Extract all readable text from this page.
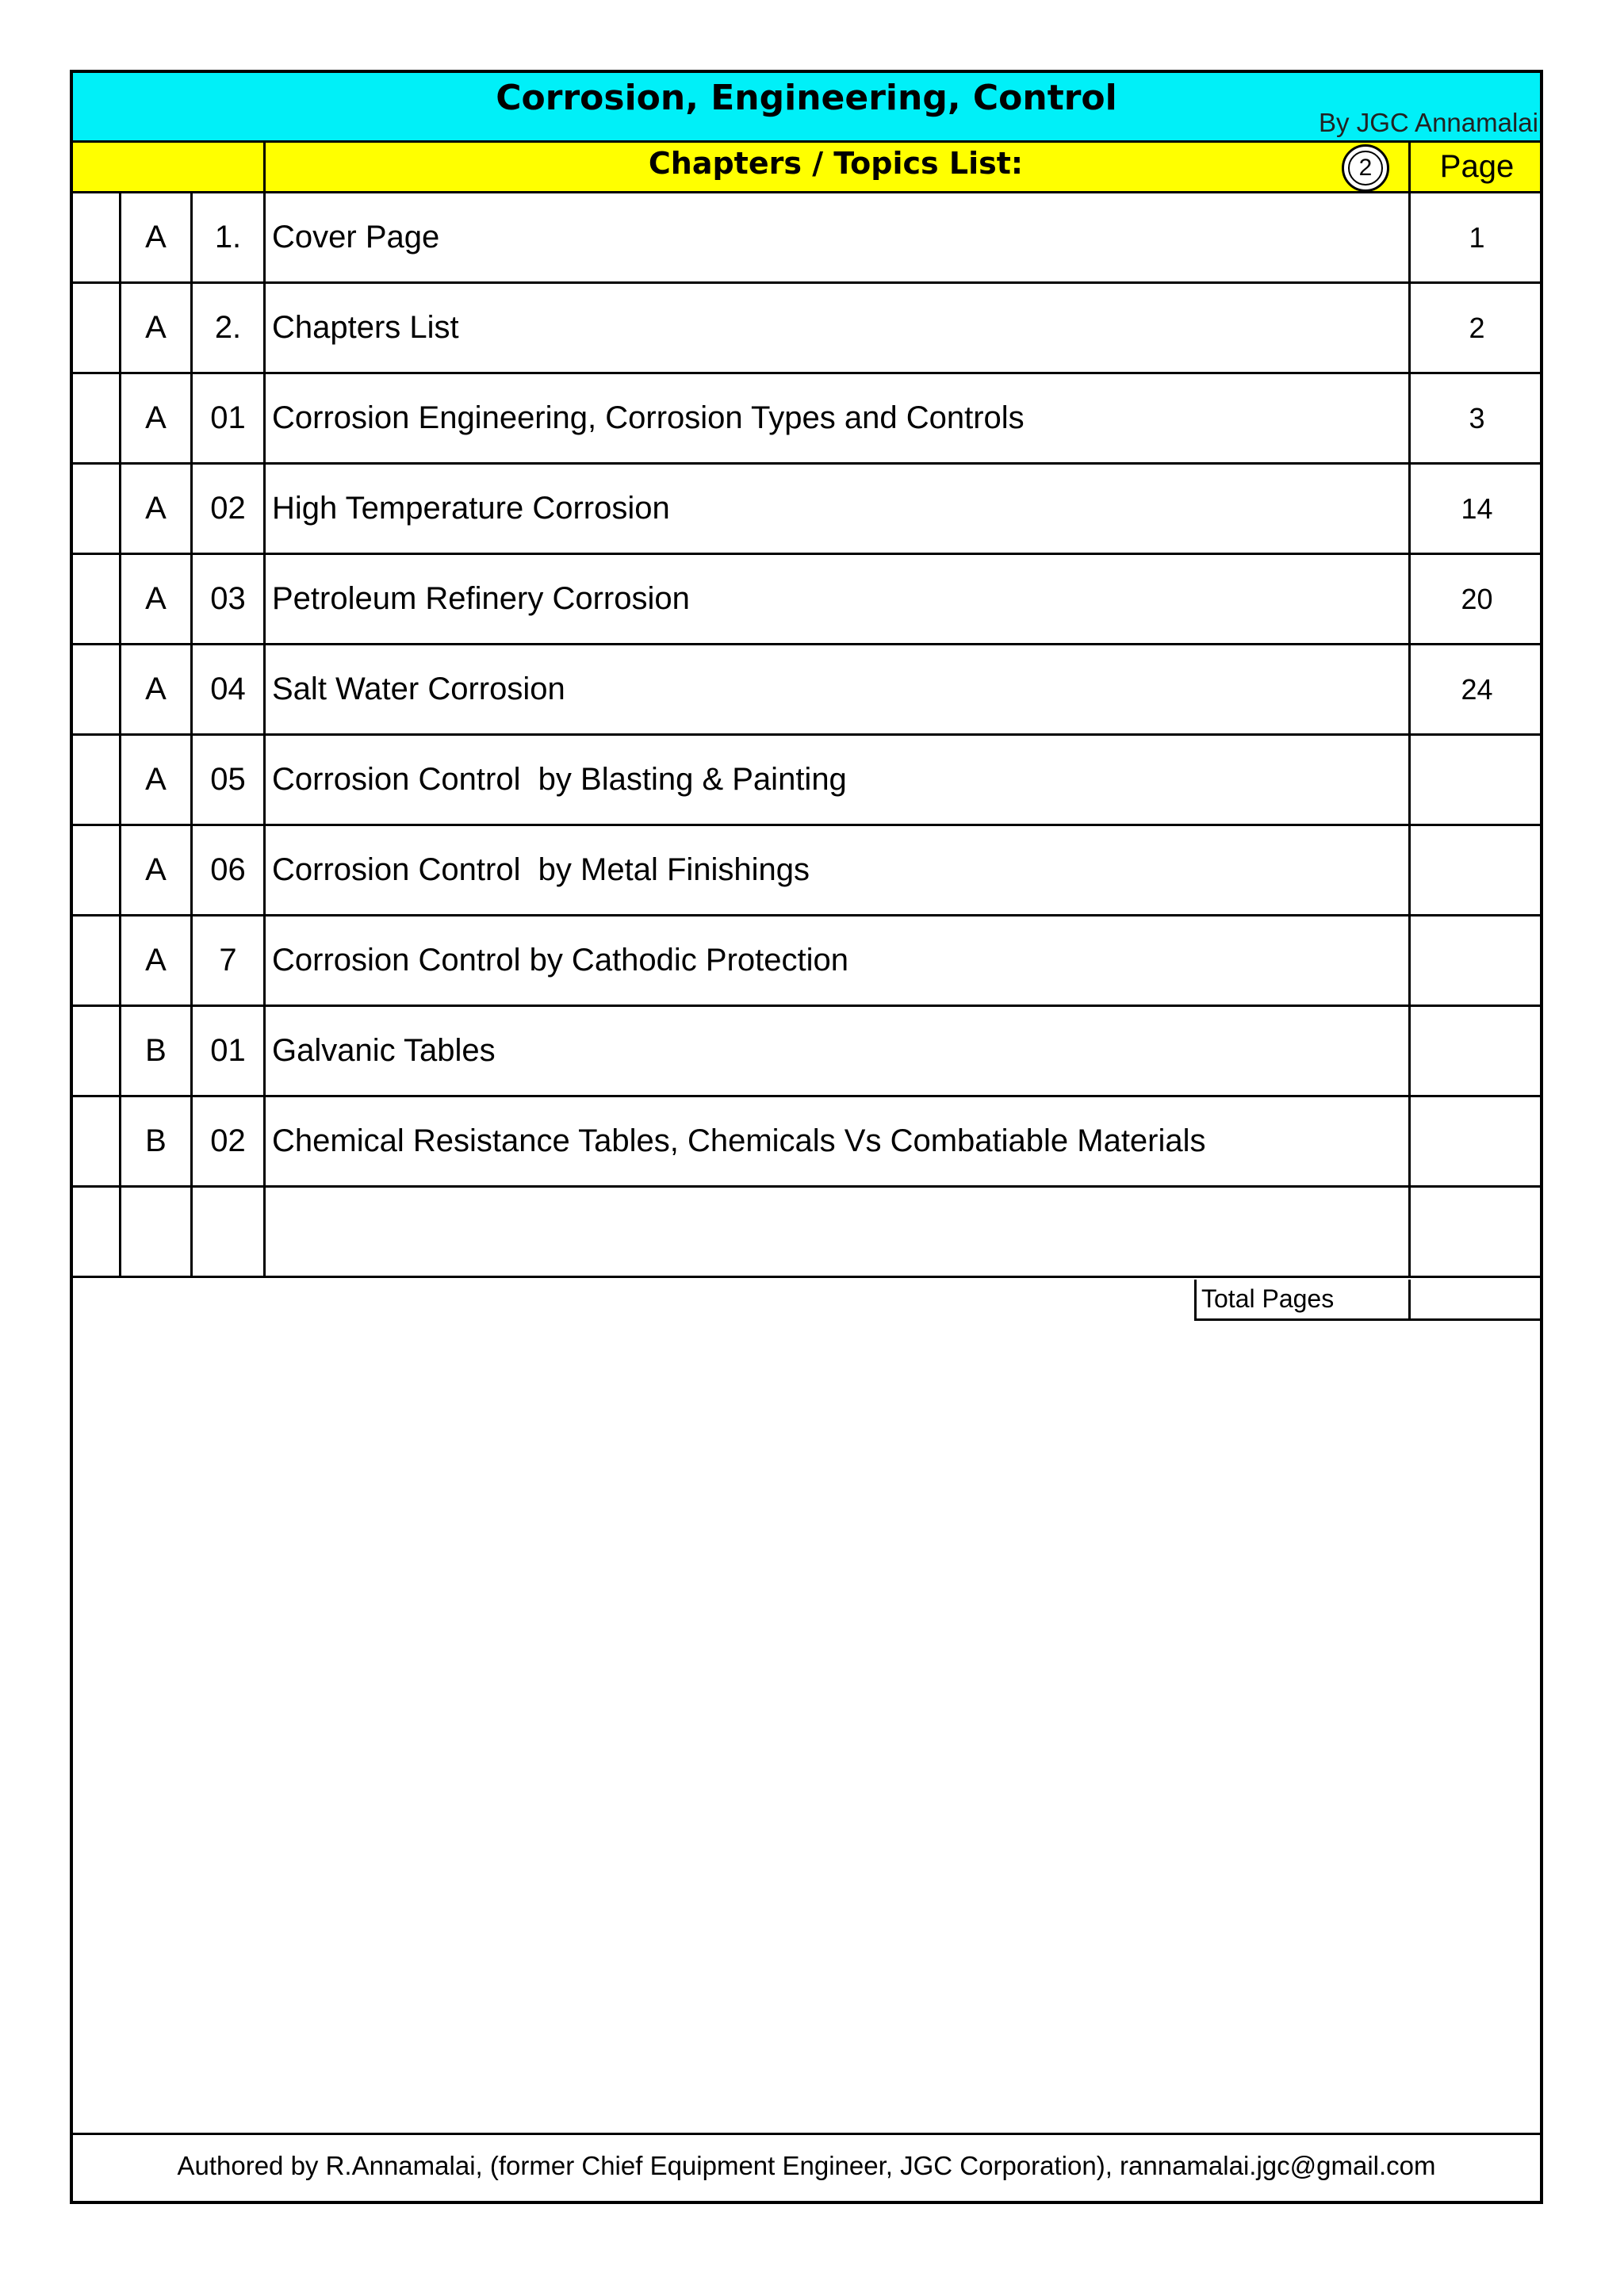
Corrosion, Engineering, Control
By JGC Annamalai
Chapters / Topics List:	2	Page
A	1. Cover Page	1
A	2. Chapters List	2
A	01 Corrosion Engineering, Corrosion Types and Controls	3
A	02 High Temperature Corrosion	14
A	03 Petroleum Refinery Corrosion	20
A	04 Salt Water Corrosion	24
A	05 Corrosion Control  by Blasting & Painting
A	06 Corrosion Control  by Metal Finishings
A	7	Corrosion Control by Cathodic Protection
B	01 Galvanic Tables
B	02 Chemical Resistance Tables, Chemicals Vs Combatiable Materials
Total Pages
Authored by R.Annamalai, (former Chief Equipment Engineer, JGC Corporation), rannamalai.jgc@gmail.com
